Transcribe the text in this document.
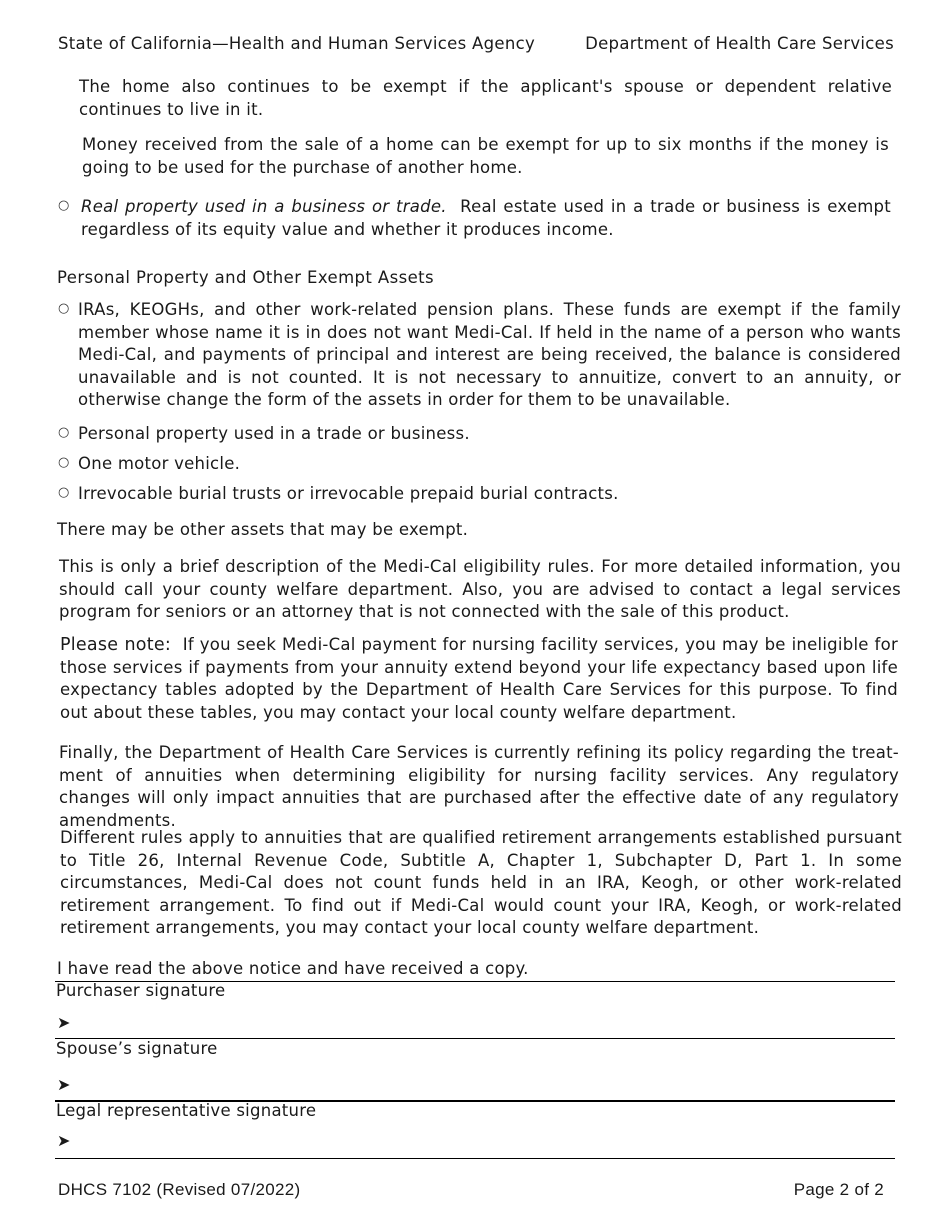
State of California—Health and Human Services Agency	Department of Health Care Services
The home also continues to be exempt if the applicant's spouse or dependent relative continues to live in it.
Money received from the sale of a home can be exempt for up to six months if the money is going to be used for the purchase of another home.
○ Real property used in a business or trade. Real estate used in a trade or business is exempt regardless of its equity value and whether it produces income.
Personal Property and Other Exempt Assets
○ IRAs, KEOGHs, and other work-related pension plans. These funds are exempt if the family member whose name it is in does not want Medi-Cal. If held in the name of a person who wants Medi-Cal, and payments of principal and interest are being received, the balance is considered unavailable and is not counted. It is not necessary to annuitize, convert to an annuity, or otherwise change the form of the assets in order for them to be unavailable.
○ Personal property used in a trade or business.
○ One motor vehicle.
○ Irrevocable burial trusts or irrevocable prepaid burial contracts.
There may be other assets that may be exempt.
This is only a brief description of the Medi-Cal eligibility rules. For more detailed information, you should call your county welfare department. Also, you are advised to contact a legal services program for seniors or an attorney that is not connected with the sale of this product.
Please note: If you seek Medi-Cal payment for nursing facility services, you may be ineligible for those services if payments from your annuity extend beyond your life expectancy based upon life expectancy tables adopted by the Department of Health Care Services for this purpose. To find out about these tables, you may contact your local county welfare department.
Finally, the Department of Health Care Services is currently refining its policy regarding the treat-ment of annuities when determining eligibility for nursing facility services. Any regulatory changes will only impact annuities that are purchased after the effective date of any regulatory amendments.
Different rules apply to annuities that are qualified retirement arrangements established pursuant to Title 26, Internal Revenue Code, Subtitle A, Chapter 1, Subchapter D, Part 1. In some circumstances, Medi-Cal does not count funds held in an IRA, Keogh, or other work-related retirement arrangement. To find out if Medi-Cal would count your IRA, Keogh, or work-related retirement arrangements, you may contact your local county welfare department.
I have read the above notice and have received a copy.
Purchaser signature
➤
Spouse’s signature
➤
Legal representative signature
➤
DHCS 7102 (Revised 07/2022)	Page 2 of 2
